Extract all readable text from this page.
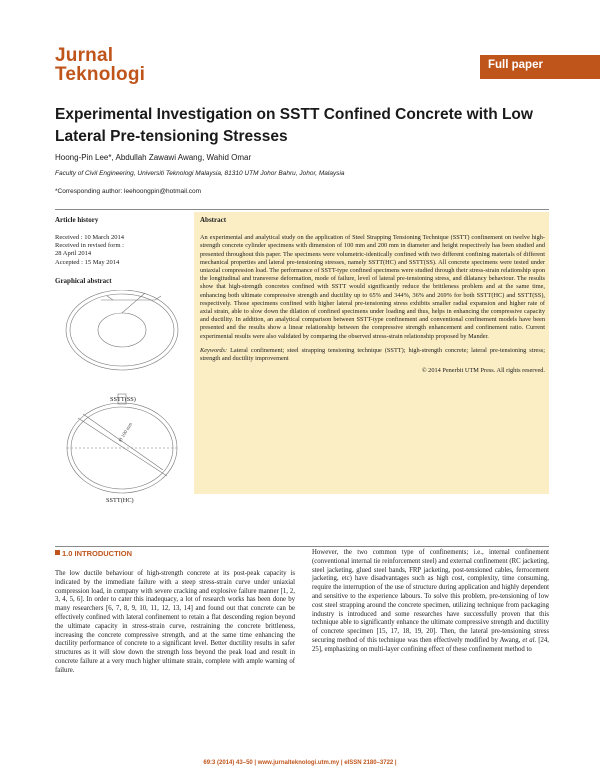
Jurnal
Teknologi	Full paper
Experimental Investigation on SSTT Confined Concrete with Low Lateral Pre-tensioning Stresses
Hoong-Pin Lee*, Abdullah Zawawi Awang, Wahid Omar
Faculty of Civil Engineering, Universiti Teknologi Malaysia, 81310 UTM Johor Bahru, Johor, Malaysia
*Corresponding author: leehoongpin@hotmail.com
Article history
Received : 10 March 2014
Received in revised form :
28 April 2014
Accepted : 15 May 2014
Graphical abstract
Ø 100 mm
SSTT(SS)
SSTT(HC)
Abstract
An experimental and analytical study on the application of Steel Strapping Tensioning Technique (SSTT) confinement on twelve high-strength concrete cylinder specimens with dimension of 100 mm and 200 mm in diameter and height respectively has been studied and presented throughout this paper. The specimens were volumetric-identically confined with two different confining materials of different mechanical properties and lateral pre-tensioning stresses, namely SSTT(HC) and SSTT(SS). All concrete specimens were tested under uniaxial compression load. The performance of SSTT-type confined specimens were studied through their stress-strain relationship upon the longitudinal and transverse deformation, mode of failure, level of lateral pre-tensioning stress, and dilatancy behaviour. The results show that high-strength concretes confined with SSTT would significantly reduce the brittleness problem and at the same time, enhancing both ultimate compressive strength and ductility up to 65% and 344%, 36% and 269% for both SSTT(HC) and SSTT(SS), respectively. Those specimens confined with higher lateral pre-tensioning stress exhibits smaller radial expansion and higher rate of axial strain, able to slow down the dilation of confined specimens under loading and thus, helps in enhancing the compressive capacity and ductility. In addition, an analytical comparison between SSTT-type confinement and conventional confinement models have been presented and the results show a linear relationship between the compressive strength enhancement and confinement ratio. Current experimental results were also validated by comparing the observed stress-strain relationship proposed by Mander.
Keywords: Lateral confinement; steel strapping tensioning technique (SSTT); high-strength concrete; lateral pre-tensioning stress; strength and ductility improvement
© 2014 Penerbit UTM Press. All rights reserved.
1.0 INTRODUCTION
The low ductile behaviour of high-strength concrete at its post-peak capacity is indicated by the immediate failure with a steep stress-strain curve under uniaxial compression load, in company with severe cracking and explosive failure manner [1, 2, 3, 4, 5, 6]. In order to cater this inadequacy, a lot of research works has been done by many researchers [6, 7, 8, 9, 10, 11, 12, 13, 14] and found out that concrete can be effectively confined with lateral confinement to retain a flat descending region beyond the ultimate capacity in stress-strain curve, restraining the concrete brittleness, increasing the concrete compressive strength, and at the same time enhancing the ductility performance of concrete to a significant level. Better ductility results in safer structures as it will slow down the strength loss beyond the peak load and result in concrete failure at a very much higher ultimate strain, complete with ample warning of failure.
However, the two common type of confinements; i.e., internal confinement (conventional internal tie reinforcement steel) and external confinement (RC jacketing, steel jacketing, glued steel bands, FRP jacketing, post-tensioned cables, ferrocement jacketing, etc) have disadvantages such as high cost, complexity, time consuming, require the interruption of the use of structure during application and highly dependent and sensitive to the experience labours. To solve this problem, pre-tensioning of low cost steel strapping around the concrete specimen, utilizing technique from packaging industry is introduced and some researches have successfully proven that this technique able to significantly enhance the ultimate compressive strength and ductility of concrete specimen [15, 17, 18, 19, 20]. Then, the lateral pre-tensioning stress securing method of this technique was then effectively modified by Awang, et al. [24, 25], emphasizing on multi-layer confining effect of these confinement method to
69:3 (2014) 43–50 | www.jurnalteknologi.utm.my | eISSN 2180–3722 |
